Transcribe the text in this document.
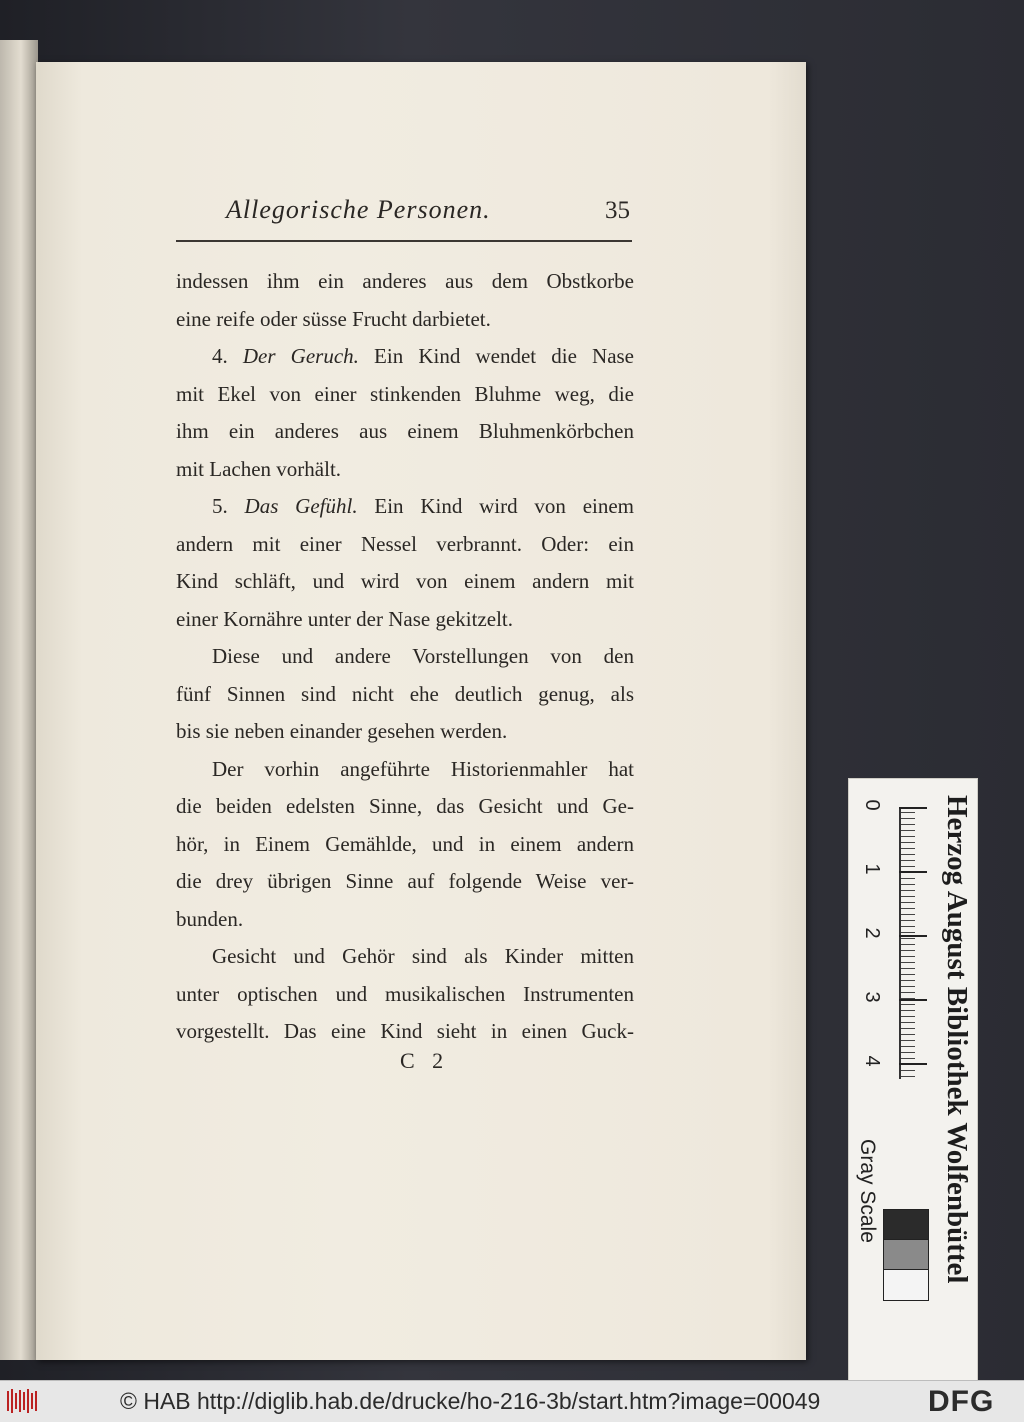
Allegorische Personen.	35
indessen ihm ein anderes aus dem Obstkorbe
eine reife oder süsse Frucht darbietet.
4. Der Geruch. Ein Kind wendet die Nase
mit Ekel von einer stinkenden Bluhme weg, die
ihm ein anderes aus einem Bluhmenkörbchen
mit Lachen vorhält.
5. Das Gefühl. Ein Kind wird von einem
andern mit einer Nessel verbrannt. Oder: ein
Kind schläft, und wird von einem andern mit
einer Kornähre unter der Nase gekitzelt.
Diese und andere Vorstellungen von den
fünf Sinnen sind nicht ehe deutlich genug, als
bis sie neben einander gesehen werden.
Der vorhin angeführte Historienmahler hat
die beiden edelsten Sinne, das Gesicht und Ge-
hör, in Einem Gemählde, und in einem andern
die drey übrigen Sinne auf folgende Weise ver-
bunden.
Gesicht und Gehör sind als Kinder mitten
unter optischen und musikalischen Instrumenten
vorgestellt. Das eine Kind sieht in einen Guck-
C 2
0
1
2
3
4
Gray Scale Herzog August Bibliothek Wolfenbüttel
© HAB http://diglib.hab.de/drucke/ho-216-3b/start.htm?image=00049	DFG
